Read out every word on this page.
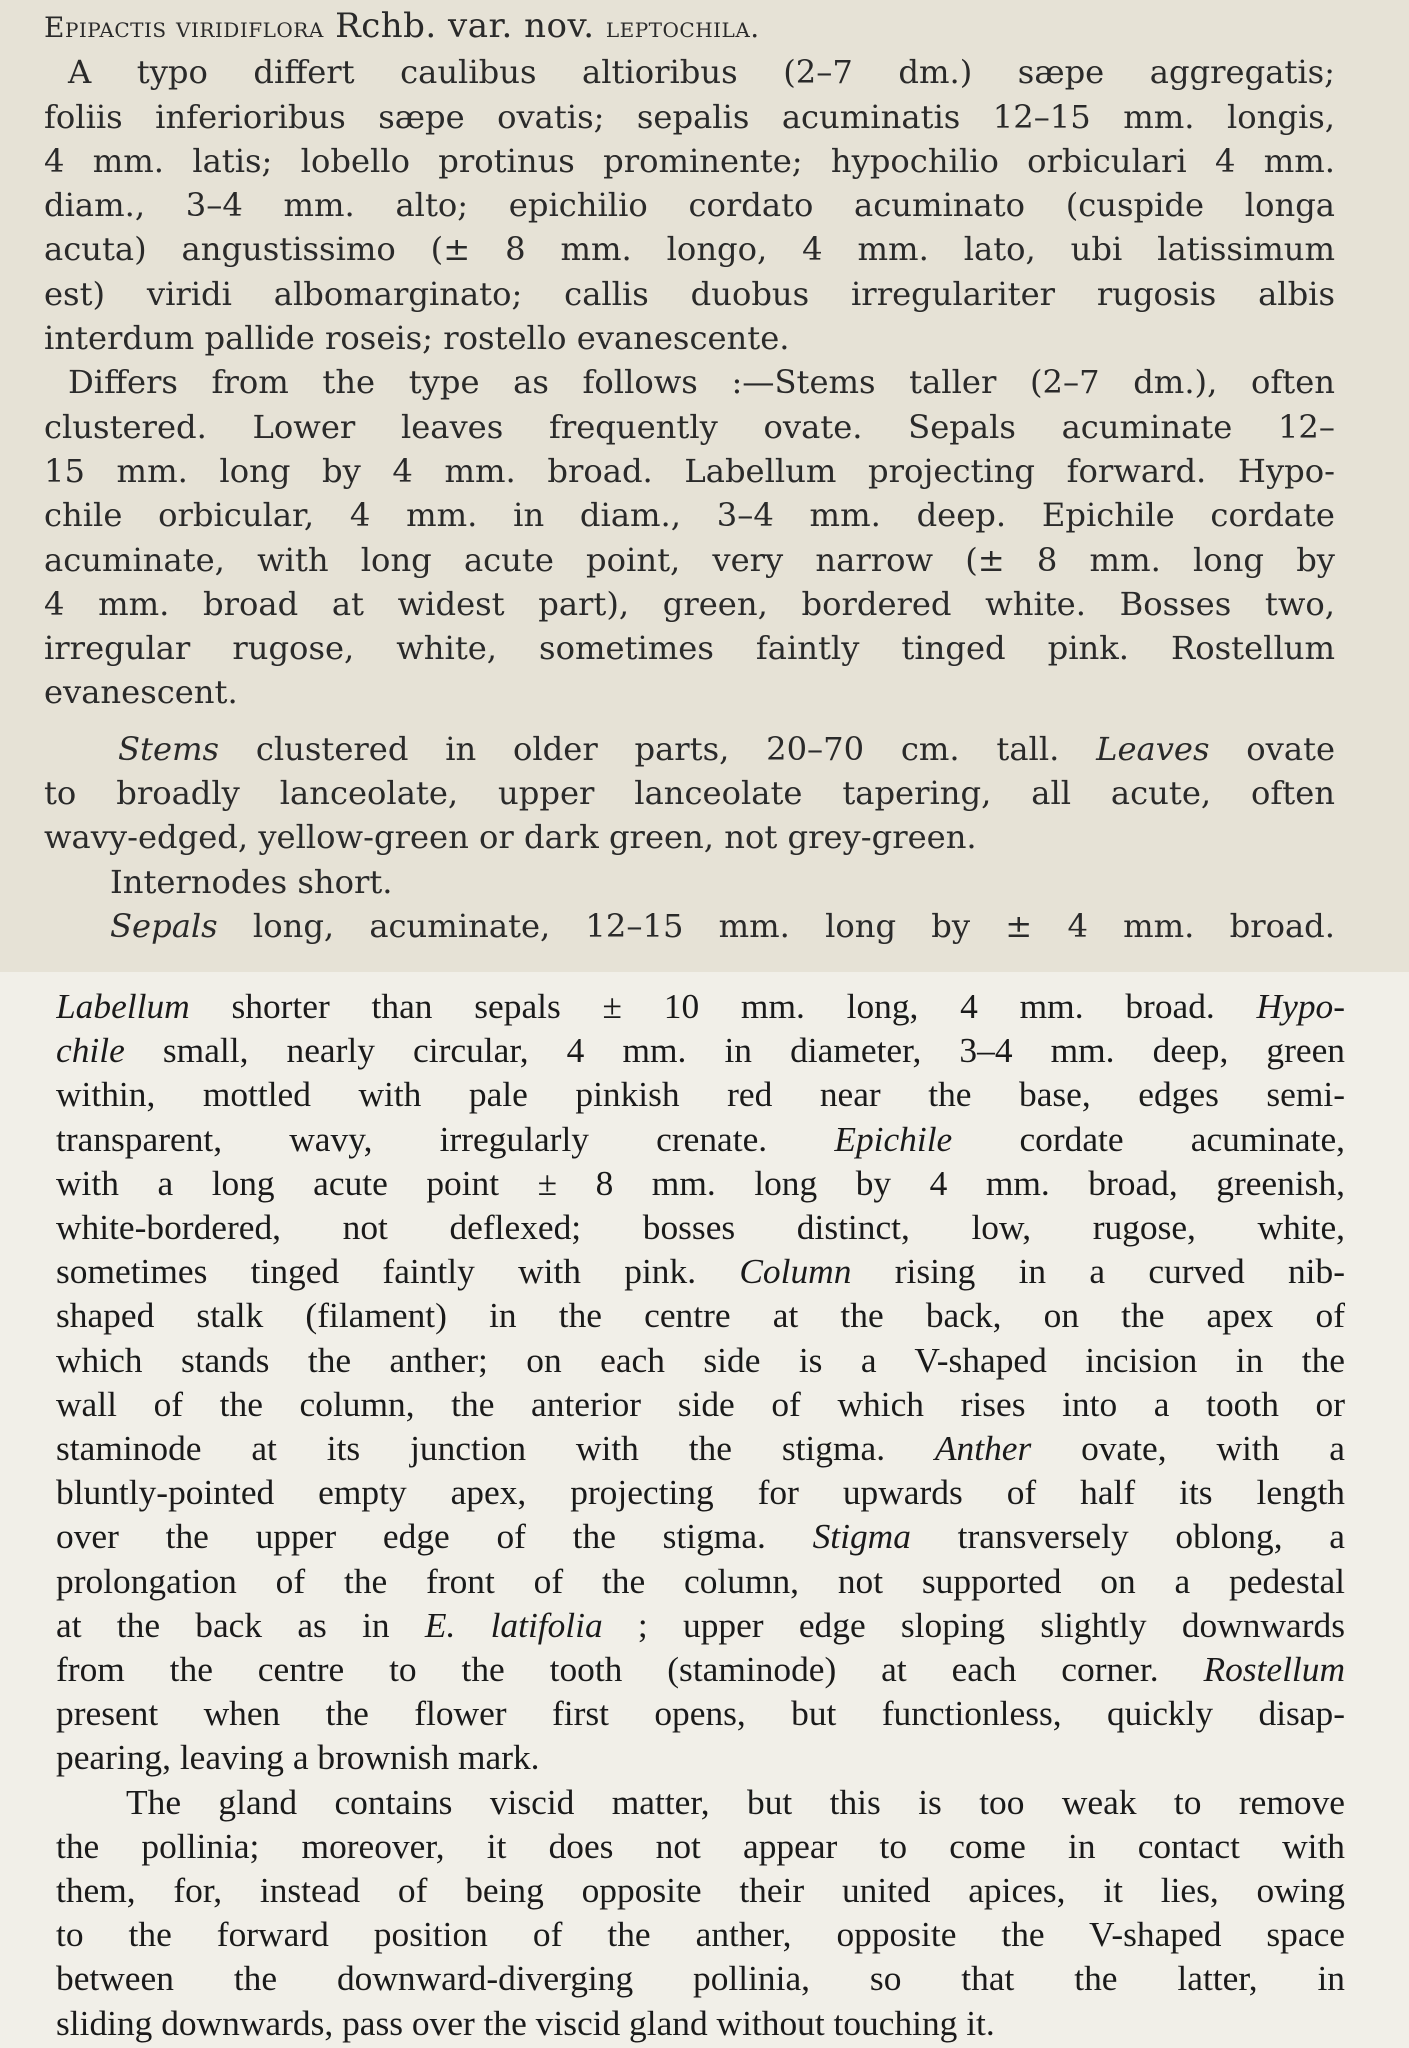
Epipactis viridiflora Rchb. var. nov. leptochila.
A typo differt caulibus altioribus (2–7 dm.) sæpe aggregatis;
foliis inferioribus sæpe ovatis; sepalis acuminatis 12–15 mm. longis,
4 mm. latis; lobello protinus prominente; hypochilio orbiculari 4 mm.
diam., 3–4 mm. alto; epichilio cordato acuminato (cuspide longa
acuta) angustissimo (± 8 mm. longo, 4 mm. lato, ubi latissimum
est) viridi albomarginato; callis duobus irregulariter rugosis albis
interdum pallide roseis; rostello evanescente.
Differs from the type as follows :—Stems taller (2–7 dm.), often
clustered. Lower leaves frequently ovate. Sepals acuminate 12–
15 mm. long by 4 mm. broad. Labellum projecting forward. Hypo-
chile orbicular, 4 mm. in diam., 3–4 mm. deep. Epichile cordate
acuminate, with long acute point, very narrow (± 8 mm. long by
4 mm. broad at widest part), green, bordered white. Bosses two,
irregular rugose, white, sometimes faintly tinged pink. Rostellum
evanescent.
Stems clustered in older parts, 20–70 cm. tall. Leaves ovate
to broadly lanceolate, upper lanceolate tapering, all acute, often
wavy-edged, yellow-green or dark green, not grey-green.
Internodes short.
Sepals long, acuminate, 12–15 mm. long by ± 4 mm. broad.
Labellum shorter than sepals ± 10 mm. long, 4 mm. broad. Hypo-
chile small, nearly circular, 4 mm. in diameter, 3–4 mm. deep, green
within, mottled with pale pinkish red near the base, edges semi-
transparent, wavy, irregularly crenate. Epichile cordate acuminate,
with a long acute point ± 8 mm. long by 4 mm. broad, greenish,
white-bordered, not deflexed; bosses distinct, low, rugose, white,
sometimes tinged faintly with pink. Column rising in a curved nib-
shaped stalk (filament) in the centre at the back, on the apex of
which stands the anther; on each side is a V-shaped incision in the
wall of the column, the anterior side of which rises into a tooth or
staminode at its junction with the stigma. Anther ovate, with a
bluntly-pointed empty apex, projecting for upwards of half its length
over the upper edge of the stigma. Stigma transversely oblong, a
prolongation of the front of the column, not supported on a pedestal
at the back as in E. latifolia ; upper edge sloping slightly downwards
from the centre to the tooth (staminode) at each corner. Rostellum
present when the flower first opens, but functionless, quickly disap-
pearing, leaving a brownish mark.
The gland contains viscid matter, but this is too weak to remove
the pollinia; moreover, it does not appear to come in contact with
them, for, instead of being opposite their united apices, it lies, owing
to the forward position of the anther, opposite the V-shaped space
between the downward-diverging pollinia, so that the latter, in
sliding downwards, pass over the viscid gland without touching it.
